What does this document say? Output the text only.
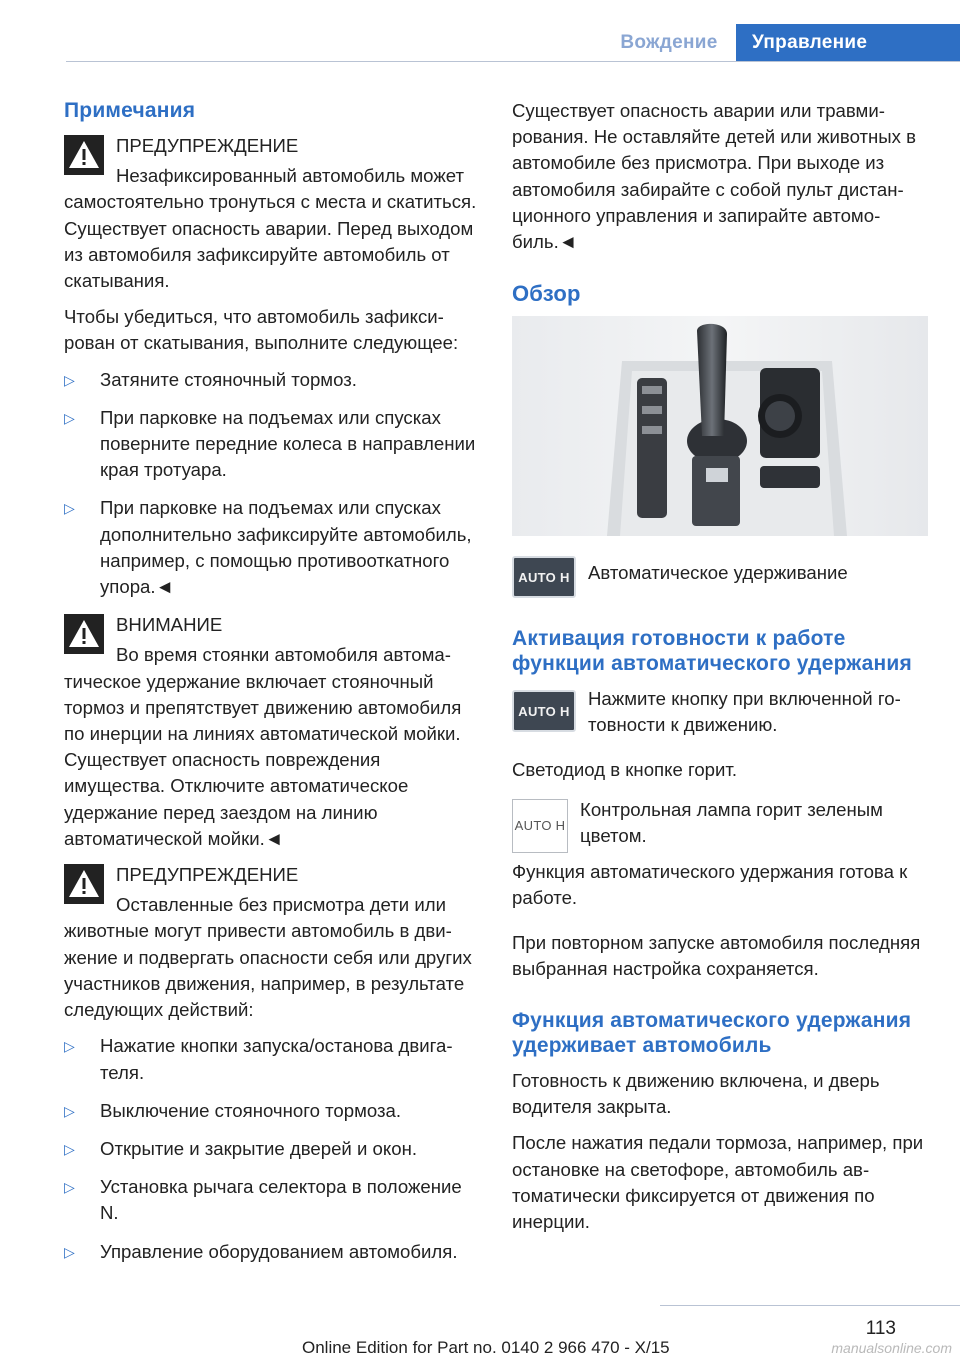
Вождение	Управление
Примечания
ПРЕДУПРЕЖДЕНИЕ

Незафиксированный автомобиль может самостоятельно тронуться с места и скатиться. Существует опасность аварии. Перед выходом из автомобиля зафиксируйте автомобиль от скатывания.

Чтобы убедиться, что автомобиль зафиксирован от скатывания, выполните следующее:

▷ Затяните стояночный тормоз.
▷ При парковке на подъемах или спусках поверните передние колеса в направлении края тротуара.
▷ При парковке на подъемах или спусках дополнительно зафиксируйте автомобиль, например, с помощью противооткатного упора.◄
ВНИМАНИЕ

Во время стоянки автомобиля автоматическое удержание включает стояночный тормоз и препятствует движению автомобиля по инерции на линиях автоматической мойки. Существует опасность повреждения имущества. Отключите автоматическое удержание перед заездом на линию автоматической мойки.◄

ПРЕДУПРЕЖДЕНИЕ

Оставленные без присмотра дети или животные могут привести автомобиль в движение и подвергать опасности себя или других участников движения, например, в результате следующих действий:

▷ Нажатие кнопки запуска/останова двигателя.
▷ Выключение стояночного тормоза.
▷ Открытие и закрытие дверей и окон.
▷ Установка рычага селектора в положение N.
▷ Управление оборудованием автомобиля.

Существует опасность аварии или травмирования. Не оставляйте детей или животных в автомобиле без присмотра. При выходе из автомобиля забирайте с собой пульт дистанционного управления и запирайте автомобиль.◄

Обзор
AUTO H Автоматическое удерживание

Активация готовности к работе функции автоматического удержания
AUTO H

Нажмите кнопку при включенной готовности к движению.

Светодиод в кнопке горит.

AUTO H

Контрольная лампа горит зеленым цветом.

Функция автоматического удержания готова к работе.

При повторном запуске автомобиля последняя выбранная настройка сохраняется.

Функция автоматического удержания удерживает автомобиль

Готовность к движению включена, и дверь водителя закрыта.

После нажатия педали тормоза, например, при остановке на светофоре, автомобиль автоматически фиксируется от движения по инерции.

113
Online Edition for Part no. 0140 2 966 470 - X/15	manualsonline.com
